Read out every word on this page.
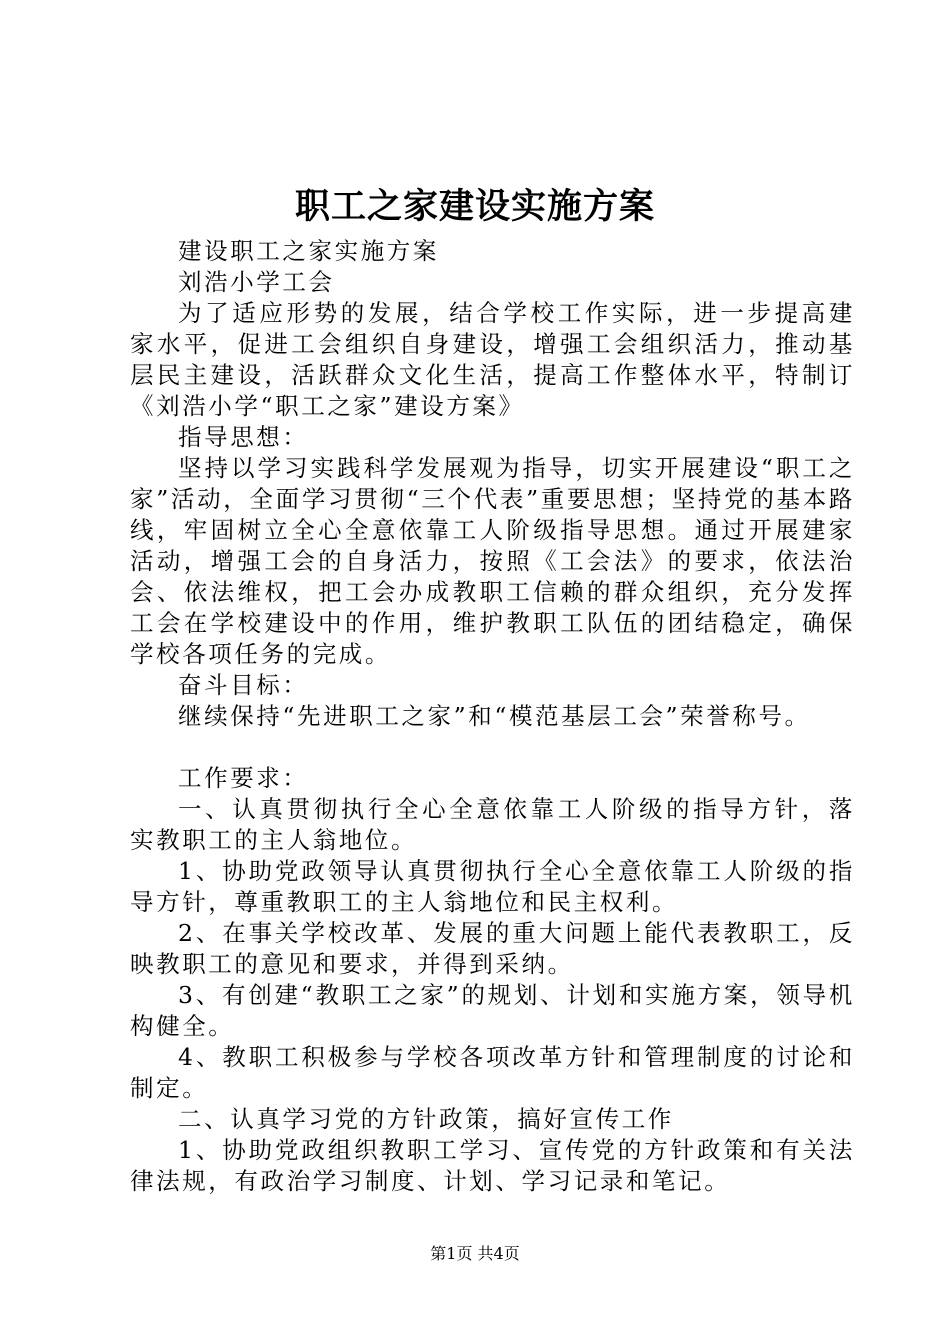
职工之家建设实施方案

建设职工之家实施方案

刘浩小学工会

为了适应形势的发展，结合学校工作实际，进一步提高建家水平，促进工会组织自身建设，增强工会组织活力，推动基层民主建设，活跃群众文化生活，提高工作整体水平，特制订《刘浩小学“职工之家”建设方案》

指导思想：

坚持以学习实践科学发展观为指导，切实开展建设“职工之家”活动，全面学习贯彻“三个代表”重要思想；坚持党的基本路线，牢固树立全心全意依靠工人阶级指导思想。通过开展建家活动，增强工会的自身活力，按照《工会法》的要求，依法治会、依法维权，把工会办成教职工信赖的群众组织，充分发挥工会在学校建设中的作用，维护教职工队伍的团结稳定，确保学校各项任务的完成。

奋斗目标：

继续保持“先进职工之家”和“模范基层工会”荣誉称号。

工作要求：

一、认真贯彻执行全心全意依靠工人阶级的指导方针，落实教职工的主人翁地位。

1、协助党政领导认真贯彻执行全心全意依靠工人阶级的指导方针，尊重教职工的主人翁地位和民主权利。

2、在事关学校改革、发展的重大问题上能代表教职工，反映教职工的意见和要求，并得到采纳。

3、有创建“教职工之家”的规划、计划和实施方案，领导机构健全。

4、教职工积极参与学校各项改革方针和管理制度的讨论和制定。

二、认真学习党的方针政策，搞好宣传工作

1、协助党政组织教职工学习、宣传党的方针政策和有关法律法规，有政治学习制度、计划、学习记录和笔记。

第1页 共4页
